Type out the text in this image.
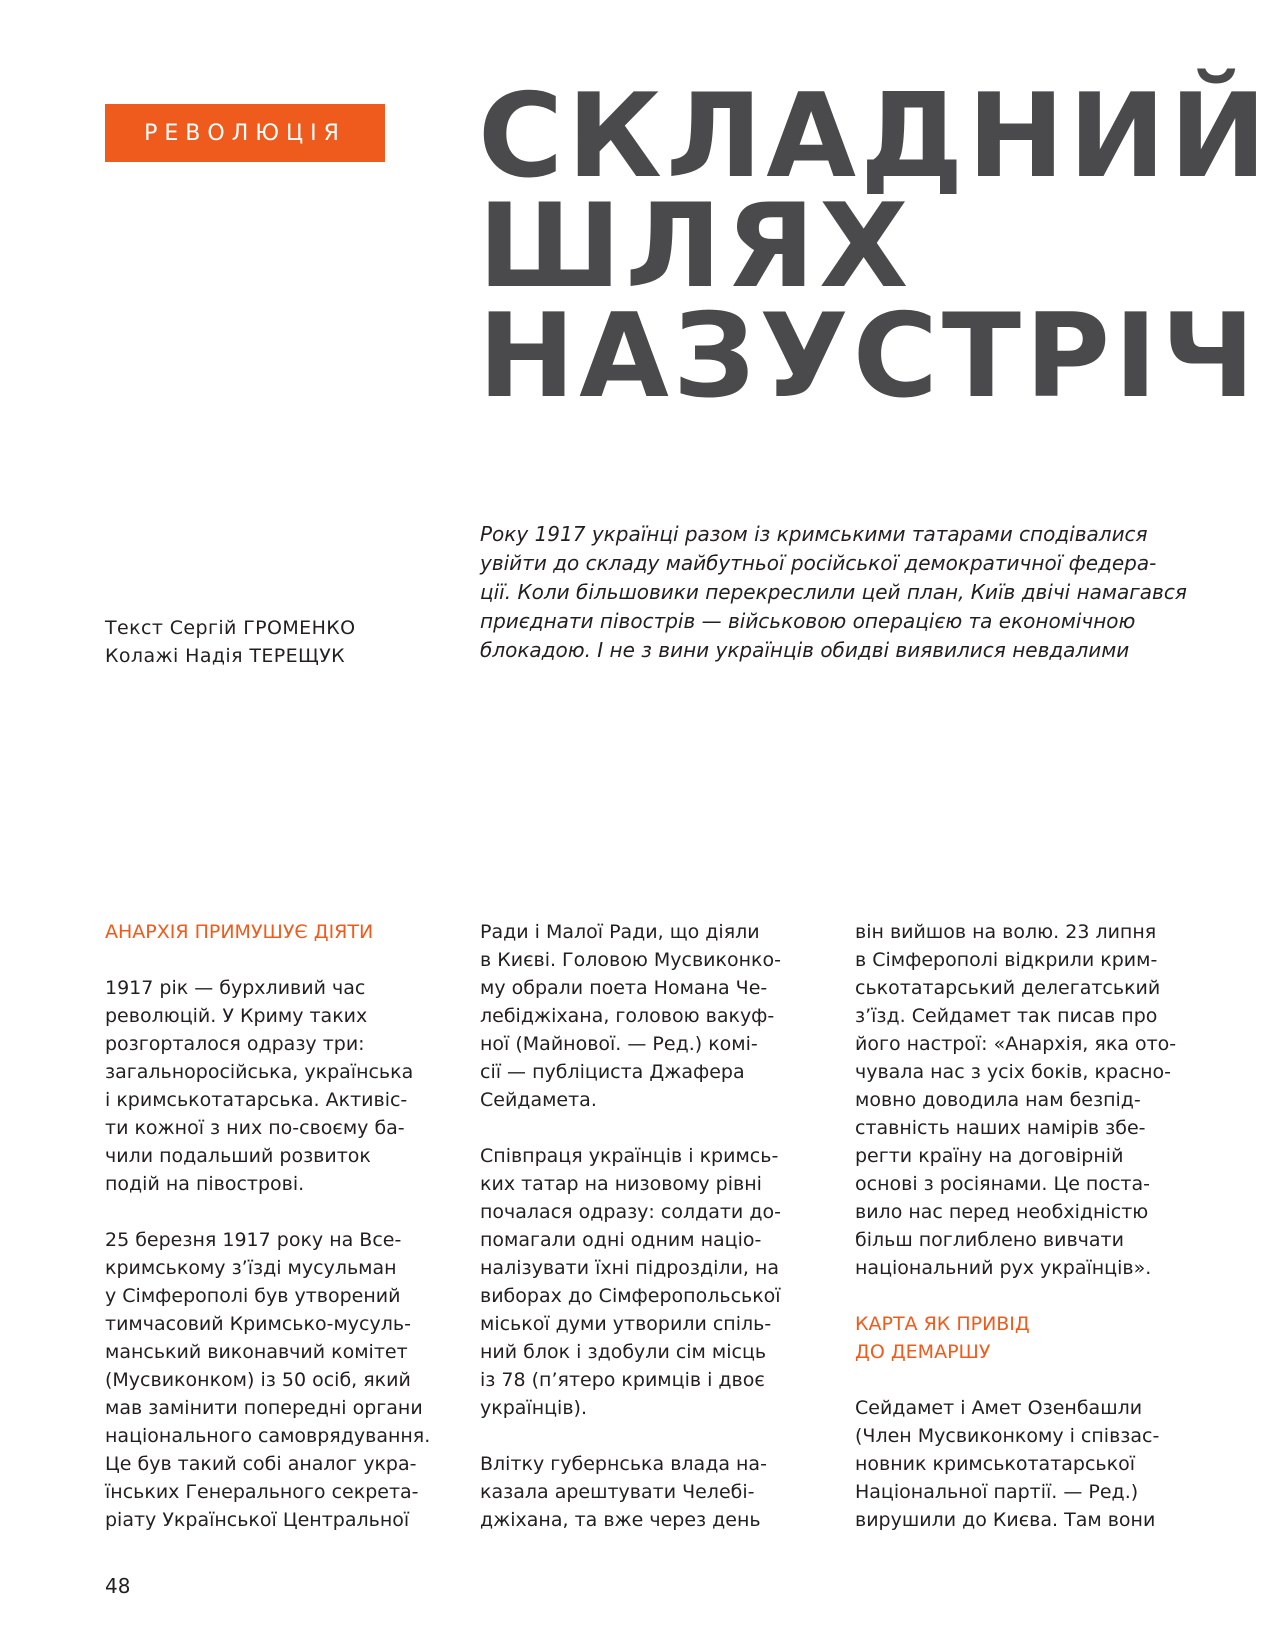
РЕВОЛЮЦІЯ	СКЛАДНИЙ
ШЛЯХ
НАЗУСТРІЧ
Текст Сергій ГРОМЕНКО
Колажі Надія ТЕРЕЩУК
Року 1917 українці разом із кримськими татарами сподівалися
увійти до складу майбутньої російської демократичної федера-
ції. Коли більшовики перекреслили цей план, Київ двічі намагався
приєднати півострів — військовою операцією та економічною
блокадою. І не з вини українців обидві виявилися невдалими
АНАРХІЯ ПРИМУШУЄ ДІЯТИ
1917 рік — бурхливий час
революцій. У Криму таких
розгорталося одразу три:
загальноросійська, українська
і кримськотатарська. Активіс-
ти кожної з них по-своєму ба-
чили подальший розвиток
подій на півострові.
25 березня 1917 року на Все-
кримському з’їзді мусульман
у Сімферополі був утворений
тимчасовий Кримсько-мусуль-
манський виконавчий комітет
(Мусвиконком) із 50 осіб, який
мав замінити попередні органи
національного самоврядування.
Це був такий собі аналог укра-
їнських Генерального секрета-
ріату Української Центральної
Ради і Малої Ради, що діяли
в Києві. Головою Мусвиконко-
му обрали поета Номана Че-
лебіджіхана, головою вакуф-
ної (Майнової. — Ред.) комі-
сії — публіциста Джафера
Сейдамета.
Співпраця українців і кримсь-
ких татар на низовому рівні
почалася одразу: солдати до-
помагали одні одним націо-
налізувати їхні підрозділи, на
виборах до Сімферопольської
міської думи утворили спіль-
ний блок і здобули сім місць
із 78 (п’ятеро кримців і двоє
українців).
Влітку губернська влада на-
казала арештувати Челебі-
джіхана, та вже через день
він вийшов на волю. 23 липня
в Сімферополі відкрили крим-
ськотатарський делегатський
з’їзд. Сейдамет так писав про
його настрої: «Анархія, яка ото-
чувала нас з усіх боків, красно-
мовно доводила нам безпід-
ставність наших намірів збе-
регти країну на договірній
основі з росіянами. Це поста-
вило нас перед необхідністю
більш поглиблено вивчати
національний рух українців».
КАРТА ЯК ПРИВІД
ДО ДЕМАРШУ
Сейдамет і Амет Озенбашли
(Член Мусвиконкому і співзас-
новник кримськотатарської
Національної партії. — Ред.)
вирушили до Києва. Там вони
48
